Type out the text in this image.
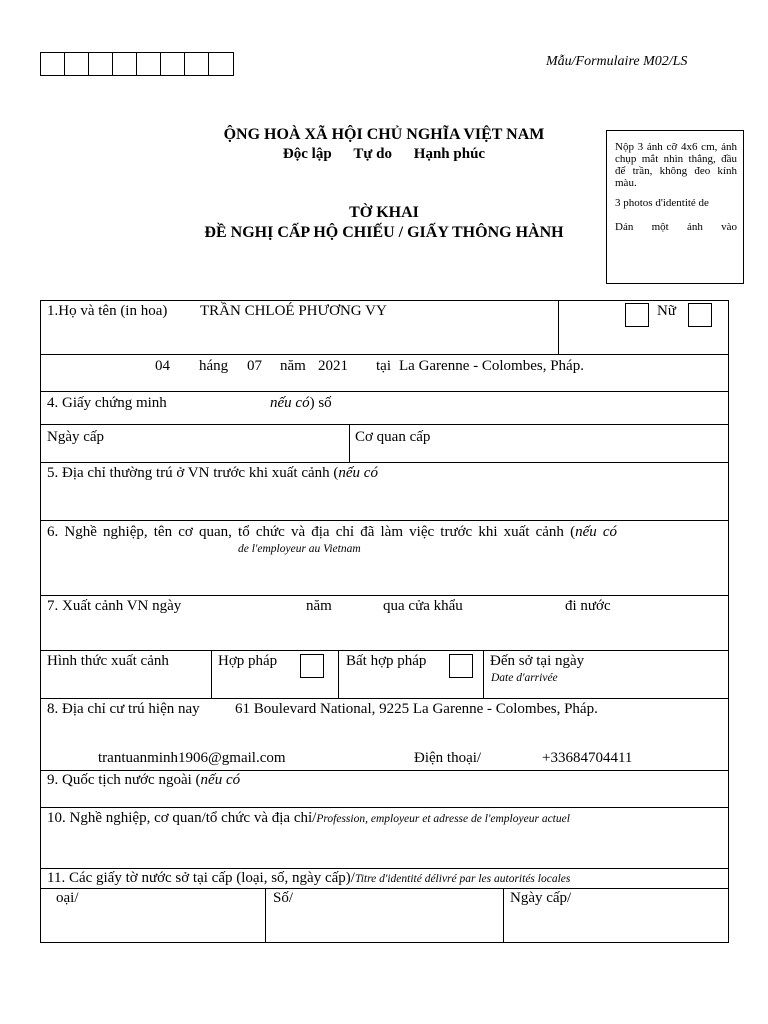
Mẫu/Formulaire M02/LS
ỘNG HOÀ XÃ HỘI CHỦ NGHĨA VIỆT NAM
Độc lập Tự do Hạnh phúc
TỜ KHAI
ĐỀ NGHỊ CẤP HỘ CHIẾU / GIẤY THÔNG HÀNH
Nộp 3 ảnh cỡ 4x6 cm, ảnh chụp mắt nhìn thẳng, đầu để trần, không đeo kính màu.
3 photos d'identité de
Dán một ảnh vào
1.Họ và tên (in hoa) TRẦN CHLOÉ PHƯƠNG VY	Nữ
04 háng 07 năm 2021 tại La Garenne - Colombes, Pháp.
4. Giấy chứng minh	nếu có) số
Ngày cấp	Cơ quan cấp
5. Địa chỉ thường trú ở VN trước khi xuất cảnh (nếu có
6. Nghề nghiệp, tên cơ quan, tổ chức và địa chỉ đã làm việc trước khi xuất cảnh (nếu có
de l'employeur au Vietnam
7. Xuất cảnh VN ngày	năm	qua cửa khẩu	đi nước
Hình thức xuất cảnh	Hợp pháp	Bất hợp pháp	Đến sở tại ngày
Date d'arrivée
8. Địa chỉ cư trú hiện nay 61 Boulevard National, 9225 La Garenne - Colombes, Pháp.
trantuanminh1906@gmail.com	Điện thoại/	+33684704411
9. Quốc tịch nước ngoài (nếu có
10. Nghề nghiệp, cơ quan/tổ chức và địa chỉ/Profession, employeur et adresse de l'employeur actuel
11. Các giấy tờ nước sở tại cấp (loại, số, ngày cấp)/Titre d'identité délivré par les autorités locales
oại/	Số/	Ngày cấp/
